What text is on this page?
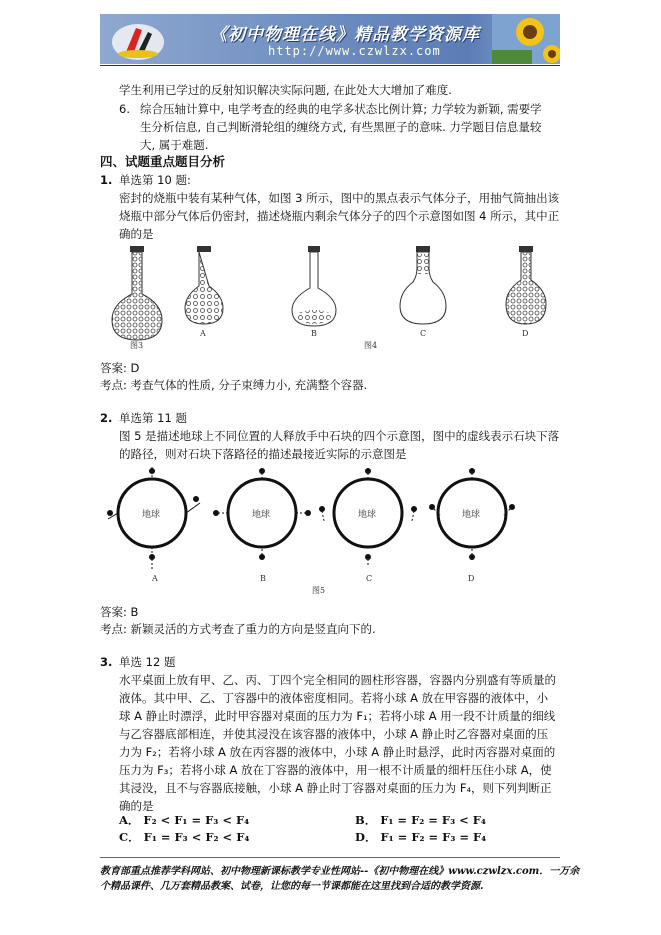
《初中物理在线》精品教学资源库
http://www.czwlzx.com
学生利用已学过的反射知识解决实际问题, 在此处大大增加了难度.
6. 综合压轴计算中, 电学考查的经典的电学多状态比例计算; 力学较为新颖, 需要学
生分析信息, 自己判断滑轮组的缠绕方式, 有些黑匣子的意味. 力学题目信息量较
大, 属于难题.
四、试题重点题目分析
1. 单选第 10 题:
密封的烧瓶中装有某种气体，如图 3 所示，图中的黑点表示气体分子，用抽气筒抽出该
烧瓶中部分气体后仍密封，描述烧瓶内剩余气体分子的四个示意图如图 4 所示，其中正
确的是
图3
A	B	C	D
图4
答案: D
考点: 考查气体的性质, 分子束缚力小, 充满整个容器.
2. 单选第 11 题
图 5 是描述地球上不同位置的人释放手中石块的四个示意图，图中的虚线表示石块下落
的路径，则对石块下落路径的描述最接近实际的示意图是
地球	地球	地球	地球
A	B	C	D
图5
答案: B
考点: 新颖灵活的方式考查了重力的方向是竖直向下的.
3. 单选 12 题
水平桌面上放有甲、乙、丙、丁四个完全相同的圆柱形容器，容器内分别盛有等质量的
液体。其中甲、乙、丁容器中的液体密度相同。若将小球 A 放在甲容器的液体中，小
球 A 静止时漂浮，此时甲容器对桌面的压力为 F₁；若将小球 A 用一段不计质量的细线
与乙容器底部相连，并使其浸没在该容器的液体中，小球 A 静止时乙容器对桌面的压
力为 F₂；若将小球 A 放在丙容器的液体中，小球 A 静止时悬浮，此时丙容器对桌面的
压力为 F₃；若将小球 A 放在丁容器的液体中，用一根不计质量的细杆压住小球 A，使
其浸没，且不与容器底接触，小球 A 静止时丁容器对桌面的压力为 F₄，则下列判断正
确的是
A． F₂ < F₁ = F₃ < F₄	B． F₁ = F₂ = F₃ < F₄
C． F₁ = F₃ < F₂ < F₄	D． F₁ = F₂ = F₃ = F₄
教育部重点推荐学科网站、初中物理新课标教学专业性网站--《初中物理在线》www.czwlzx.com．一万余
个精品课件、几万套精品教案、试卷，让您的每一节课都能在这里找到合适的教学资源.
